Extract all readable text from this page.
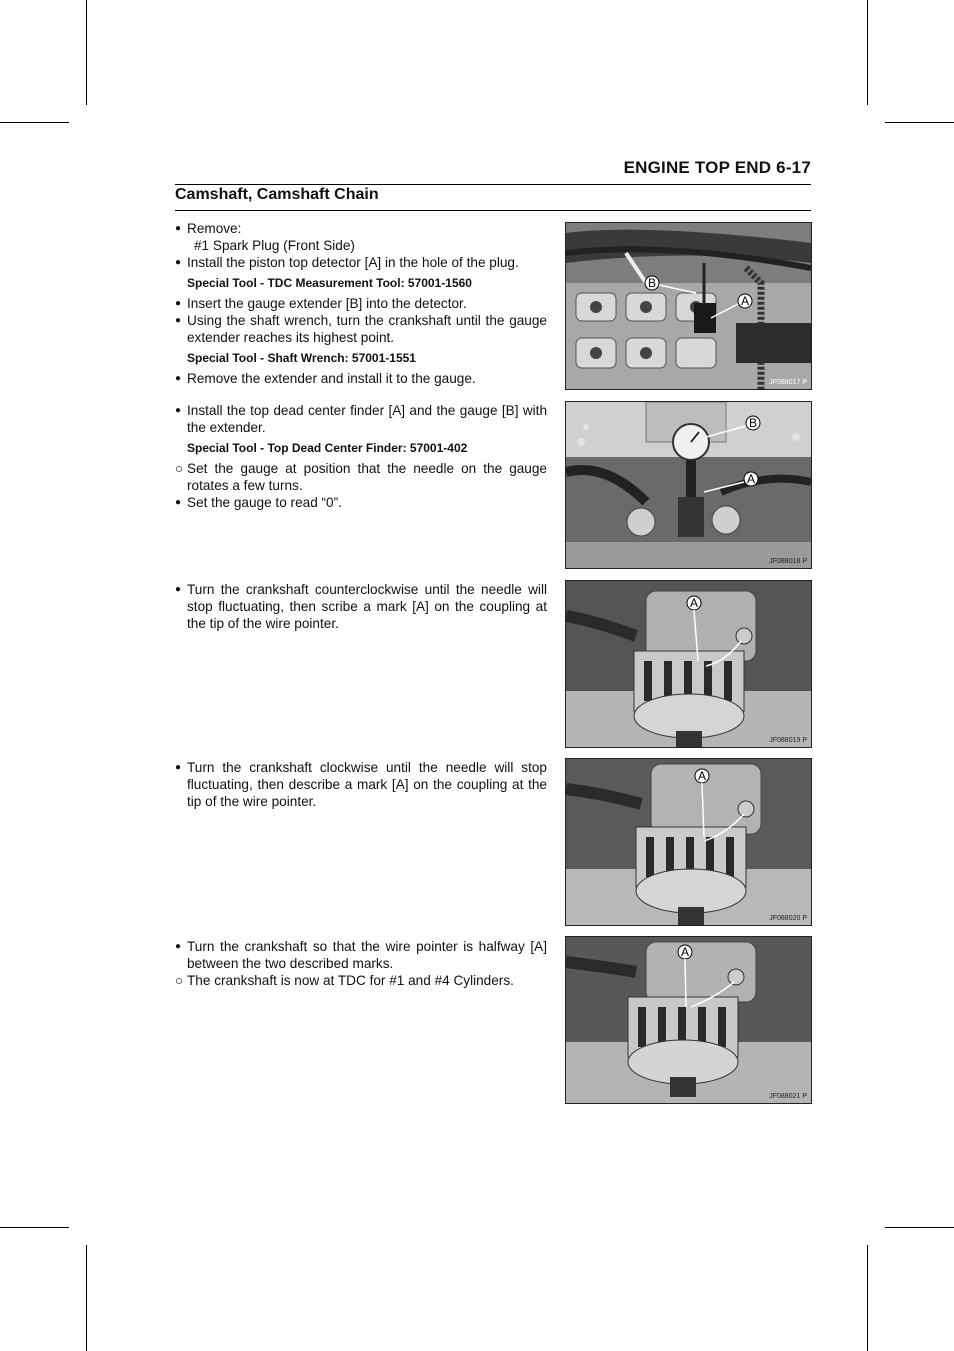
ENGINE TOP END 6-17
Camshaft, Camshaft Chain
● Remove:
#1 Spark Plug (Front Side)
● Install the piston top detector [A] in the hole of the plug.
Special Tool - TDC Measurement Tool: 57001-1560
● Insert the gauge extender [B] into the detector.
● Using the shaft wrench, turn the crankshaft until the gauge extender reaches its highest point.
Special Tool - Shaft Wrench: 57001-1551
● Remove the extender and install it to the gauge.
● Install the top dead center finder [A] and the gauge [B] with the extender.
Special Tool - Top Dead Center Finder: 57001-402
○ Set the gauge at position that the needle on the gauge rotates a few turns.
● Set the gauge to read “0”.
● Turn the crankshaft counterclockwise until the needle will stop fluctuating, then scribe a mark [A] on the coupling at the tip of the wire pointer.
● Turn the crankshaft clockwise until the needle will stop fluctuating, then describe a mark [A] on the coupling at the tip of the wire pointer.
● Turn the crankshaft so that the wire pointer is halfway [A] between the two described marks.
○ The crankshaft is now at TDC for #1 and #4 Cylinders.
B
A
JF088017 P
B
A
JF088018 P
A
JF088019 P
A
JF088020 P
A
JF088021 P
